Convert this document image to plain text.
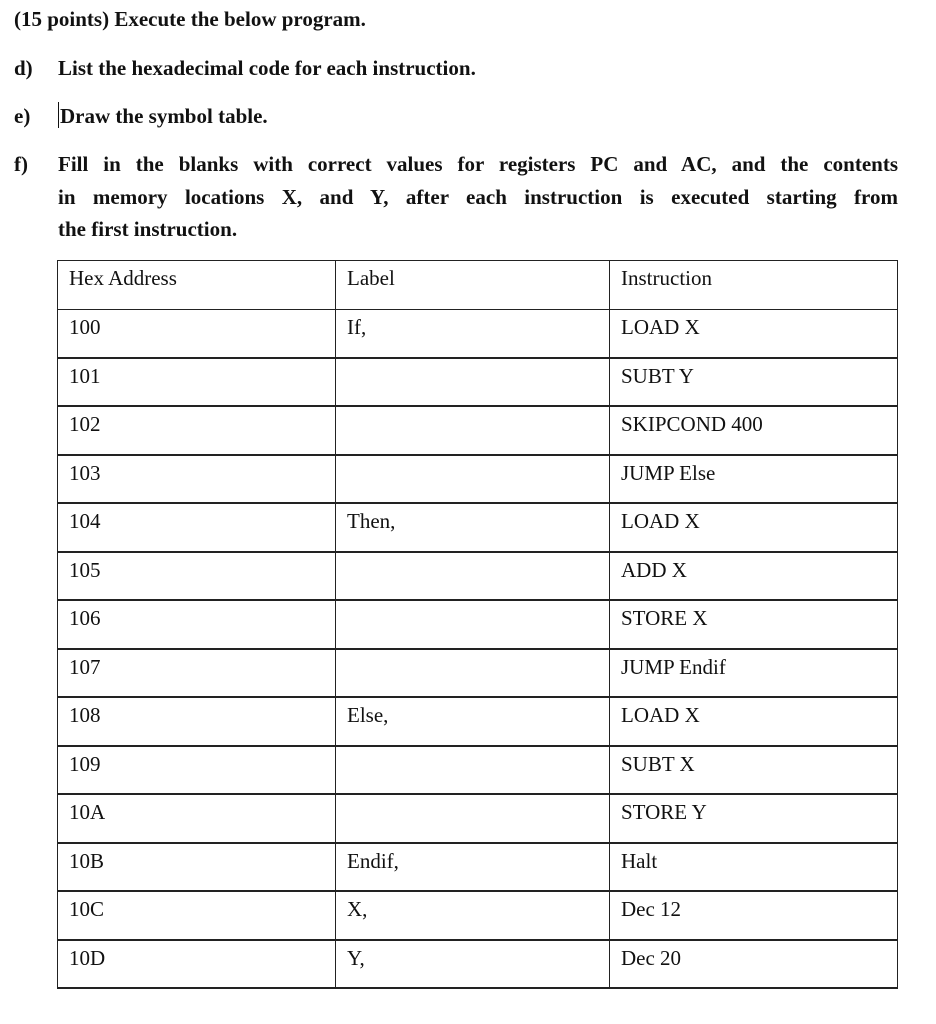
(15 points) Execute the below program.
d) List the hexadecimal code for each instruction.
e) Draw the symbol table.
f) Fill in the blanks with correct values for registers PC and AC, and the contents
in memory locations X, and Y, after each instruction is executed starting from
the first instruction.
Hex Address	Label	Instruction
100	If,	LOAD X
101		SUBT Y
102		SKIPCOND 400
103		JUMP Else
104	Then,	LOAD X
105		ADD X
106		STORE X
107		JUMP Endif
108	Else,	LOAD X
109		SUBT X
10A		STORE Y
10B	Endif,	Halt
10C	X,	Dec 12
10D	Y,	Dec 20
